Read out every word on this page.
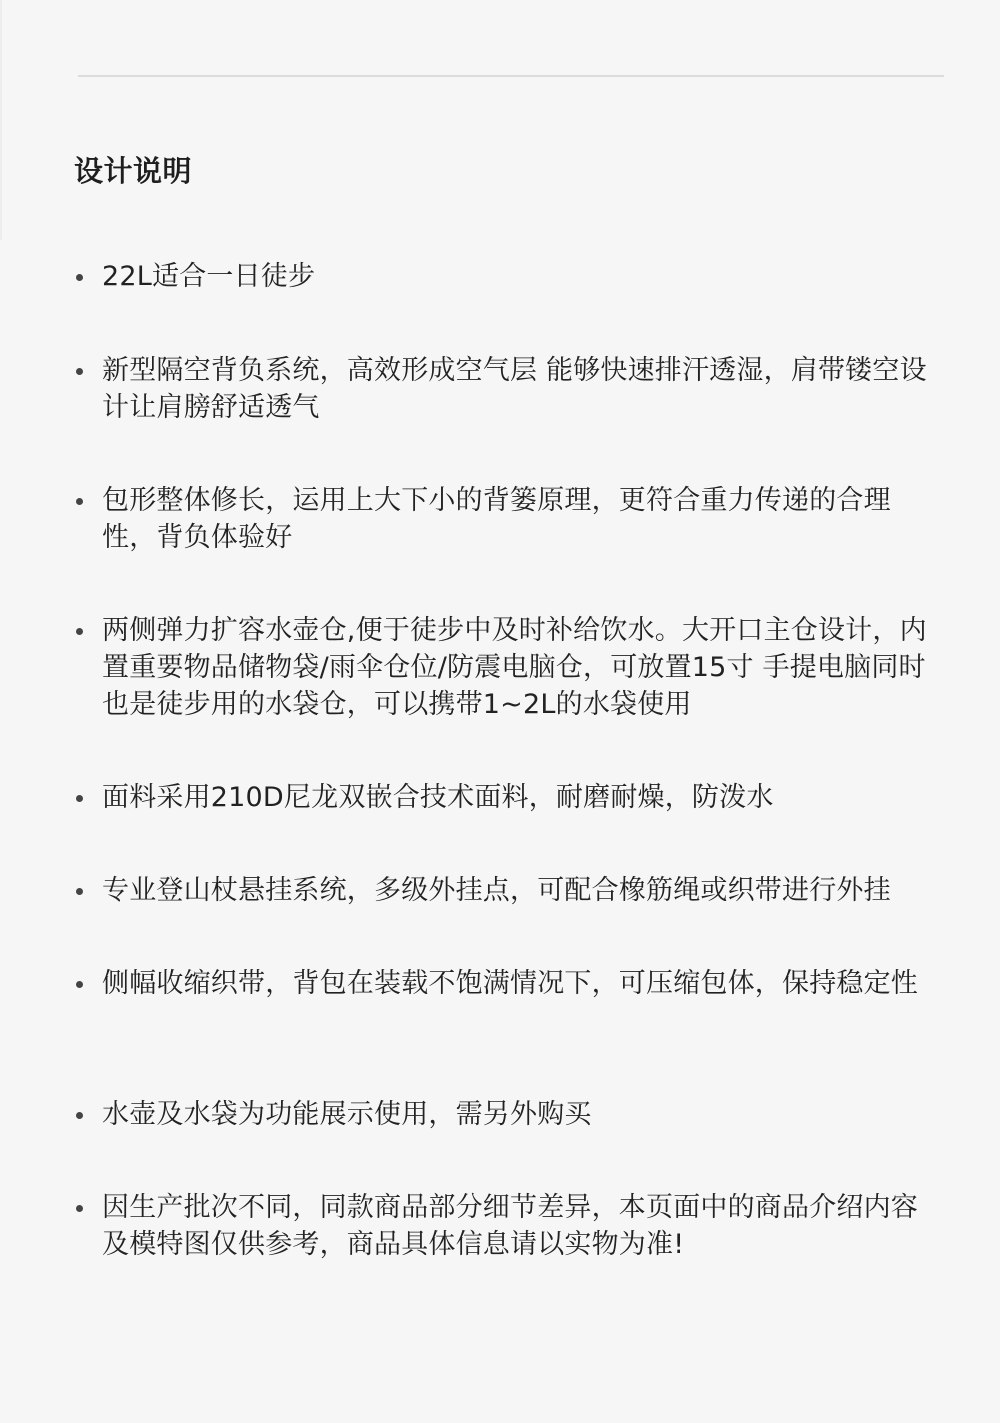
设计说明
22L适合一日徒步
新型隔空背负系统，高效形成空气层 能够快速排汗透湿，肩带镂空设计让肩膀舒适透气
包形整体修长，运用上大下小的背篓原理，更符合重力传递的合理性，背负体验好
两侧弹力扩容水壶仓,便于徒步中及时补给饮水。大开口主仓设计，内置重要物品储物袋/雨伞仓位/防震电脑仓，可放置15寸 手提电脑同时也是徒步用的水袋仓，可以携带1~2L的水袋使用
面料采用210D尼龙双嵌合技术面料，耐磨耐燥，防泼水
专业登山杖悬挂系统，多级外挂点，可配合橡筋绳或织带进行外挂
侧幅收缩织带，背包在装载不饱满情况下，可压缩包体，保持稳定性
水壶及水袋为功能展示使用，需另外购买
因生产批次不同，同款商品部分细节差异，本页面中的商品介绍内容及模特图仅供参考，商品具体信息请以实物为准!
